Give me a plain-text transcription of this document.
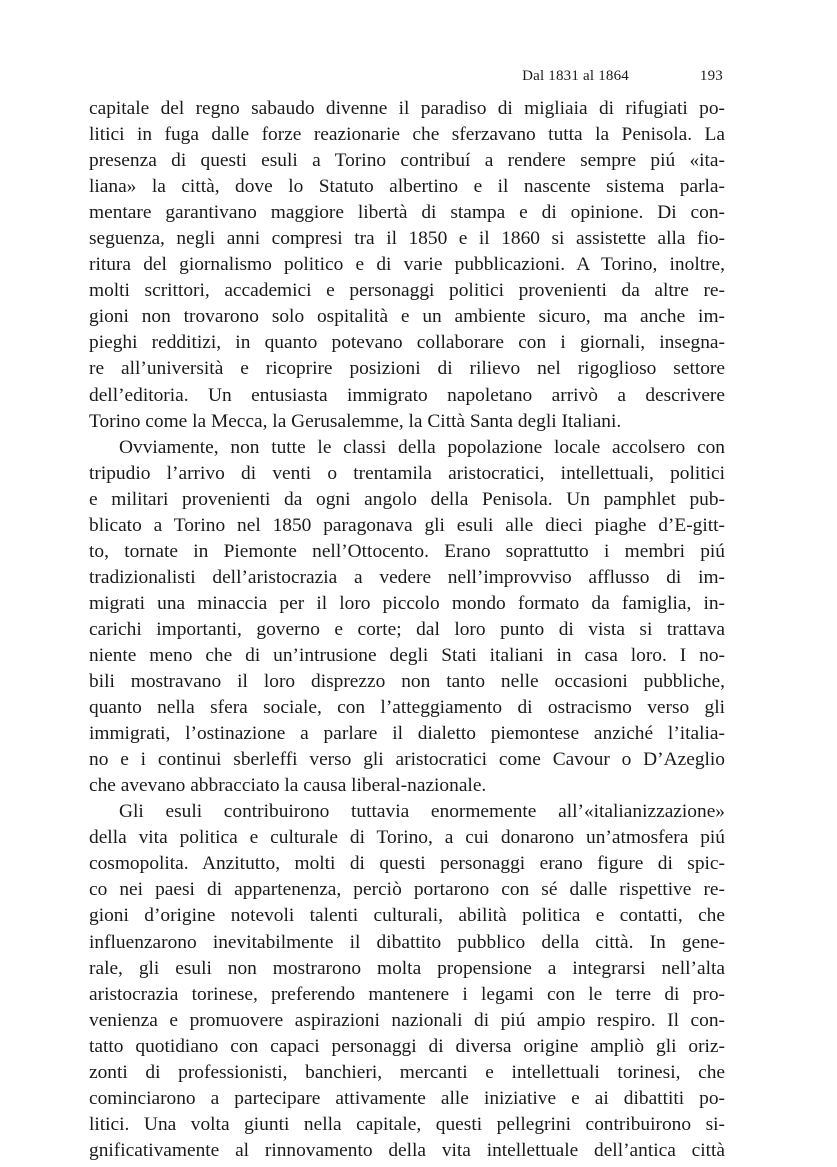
Dal 1831 al 1864	193
capitale del regno sabaudo divenne il paradiso di migliaia di rifugiati po-
litici in fuga dalle forze reazionarie che sferzavano tutta la Penisola. La
presenza di questi esuli a Torino contribuí a rendere sempre piú «ita-
liana» la città, dove lo Statuto albertino e il nascente sistema parla-
mentare garantivano maggiore libertà di stampa e di opinione. Di con-
seguenza, negli anni compresi tra il 1850 e il 1860 si assistette alla fio-
ritura del giornalismo politico e di varie pubblicazioni. A Torino, inoltre,
molti scrittori, accademici e personaggi politici provenienti da altre re-
gioni non trovarono solo ospitalità e un ambiente sicuro, ma anche im-
pieghi redditizi, in quanto potevano collaborare con i giornali, insegna-
re all’università e ricoprire posizioni di rilievo nel rigoglioso settore
dell’editoria. Un entusiasta immigrato napoletano arrivò a descrivere
Torino come la Mecca, la Gerusalemme, la Città Santa degli Italiani.
Ovviamente, non tutte le classi della popolazione locale accolsero con
tripudio l’arrivo di venti o trentamila aristocratici, intellettuali, politici
e militari provenienti da ogni angolo della Penisola. Un pamphlet pub-
blicato a Torino nel 1850 paragonava gli esuli alle dieci piaghe d’E-gitt-
to, tornate in Piemonte nell’Ottocento. Erano soprattutto i membri piú
tradizionalisti dell’aristocrazia a vedere nell’improvviso afflusso di im-
migrati una minaccia per il loro piccolo mondo formato da famiglia, in-
carichi importanti, governo e corte; dal loro punto di vista si trattava
niente meno che di un’intrusione degli Stati italiani in casa loro. I no-
bili mostravano il loro disprezzo non tanto nelle occasioni pubbliche,
quanto nella sfera sociale, con l’atteggiamento di ostracismo verso gli
immigrati, l’ostinazione a parlare il dialetto piemontese anziché l’italia-
no e i continui sberleffi verso gli aristocratici come Cavour o D’Azeglio
che avevano abbracciato la causa liberal-nazionale.
Gli esuli contribuirono tuttavia enormemente all’«italianizzazione»
della vita politica e culturale di Torino, a cui donarono un’atmosfera piú
cosmopolita. Anzitutto, molti di questi personaggi erano figure di spic-
co nei paesi di appartenenza, perciò portarono con sé dalle rispettive re-
gioni d’origine notevoli talenti culturali, abilità politica e contatti, che
influenzarono inevitabilmente il dibattito pubblico della città. In gene-
rale, gli esuli non mostrarono molta propensione a integrarsi nell’alta
aristocrazia torinese, preferendo mantenere i legami con le terre di pro-
venienza e promuovere aspirazioni nazionali di piú ampio respiro. Il con-
tatto quotidiano con capaci personaggi di diversa origine ampliò gli oriz-
zonti di professionisti, banchieri, mercanti e intellettuali torinesi, che
cominciarono a partecipare attivamente alle iniziative e ai dibattiti po-
litici. Una volta giunti nella capitale, questi pellegrini contribuirono si-
gnificativamente al rinnovamento della vita intellettuale dell’antica città
